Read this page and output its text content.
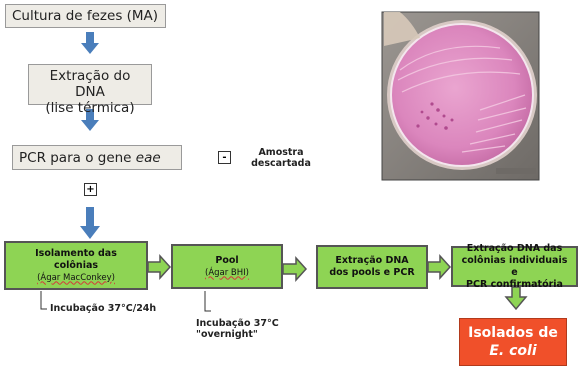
Cultura de fezes (MA)
Extração do DNA
(lise térmica)
PCR para o gene eae	-	Amostra
descartada
+
Isolamento das
colônias
(Ágar MacConkey)
Pool
(Ágar BHI)
Extração DNA
dos pools e PCR
Extração DNA das
colônias individuais e
PCR confirmatória
Incubação 37°C/24h
Incubação 37°C
"overnight"	Isolados de
E. coli
